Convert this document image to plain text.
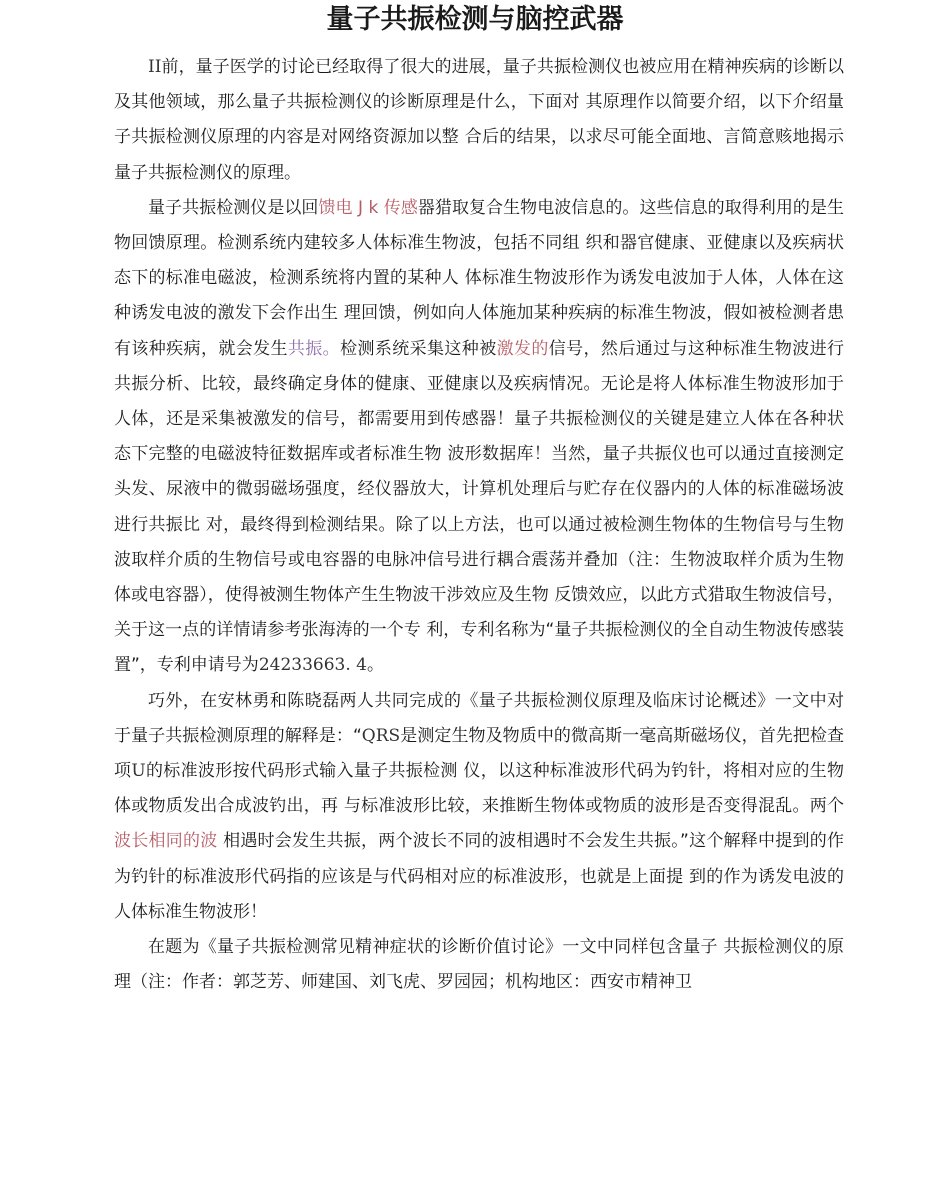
量子共振检测与脑控武器

II前，量子医学的讨论已经取得了很大的进展，量子共振检测仪也被应用在精神疾病的诊断以及其他领域，那么量子共振检测仪的诊断原理是什么，下面对 其原理作以简要介绍，以下介绍量子共振检测仪原理的内容是对网络资源加以整 合后的结果，以求尽可能全面地、言简意赅地揭示量子共振检测仪的原理。

量子共振检测仪是以回馈电 J k 传感器猎取复合生物电波信息的。这些信息的取得利用的是生物回馈原理。检测系统内建较多人体标准生物波，包括不同组 织和器官健康、亚健康以及疾病状态下的标准电磁波，检测系统将内置的某种人 体标准生物波形作为诱发电波加于人体，人体在这种诱发电波的激发下会作出生 理回馈，例如向人体施加某种疾病的标准生物波，假如被检测者患有该种疾病，就会发生共振。检测系统采集这种被激发的信号，然后通过与这种标准生物波进行共振分析、比较，最终确定身体的健康、亚健康以及疾病情况。无论是将人体标准生物波形加于人体，还是采集被激发的信号，都需要用到传感器！量子共振检测仪的关键是建立人体在各种状态下完整的电磁波特征数据库或者标准生物 波形数据库！当然，量子共振仪也可以通过直接测定头发、尿液中的微弱磁场强度，经仪器放大，计算机处理后与贮存在仪器内的人体的标准磁场波进行共振比 对，最终得到检测结果。除了以上方法，也可以通过被检测生物体的生物信号与生物波取样介质的生物信号或电容器的电脉冲信号进行耦合震荡并叠加（注：生物波取样介质为生物体或电容器），使得被测生物体产生生物波干涉效应及生物 反馈效应，以此方式猎取生物波信号，关于这一点的详情请参考张海涛的一个专 利，专利名称为“量子共振检测仪的全自动生物波传感装置”，专利申请号为24233663. 4。

巧外，在安林勇和陈晓磊两人共同完成的《量子共振检测仪原理及临床讨论概述》一文中对于量子共振检测原理的解释是：“QRS是测定生物及物质中的微高斯一毫高斯磁场仪，首先把检查项U的标准波形按代码形式输入量子共振检测 仪，以这种标准波形代码为钓针，将相对应的生物体或物质发出合成波钓出，再 与标准波形比较，来推断生物体或物质的波形是否变得混乱。两个波长相同的波 相遇时会发生共振，两个波长不同的波相遇时不会发生共振。”这个解释中提到的作为钓针的标准波形代码指的应该是与代码相对应的标准波形，也就是上面提 到的作为诱发电波的人体标准生物波形！

在题为《量子共振检测常见精神症状的诊断价值讨论》一文中同样包含量子 共振检测仪的原理（注：作者：郭芝芳、师建国、刘飞虎、罗园园；机构地区：西安市精神卫
